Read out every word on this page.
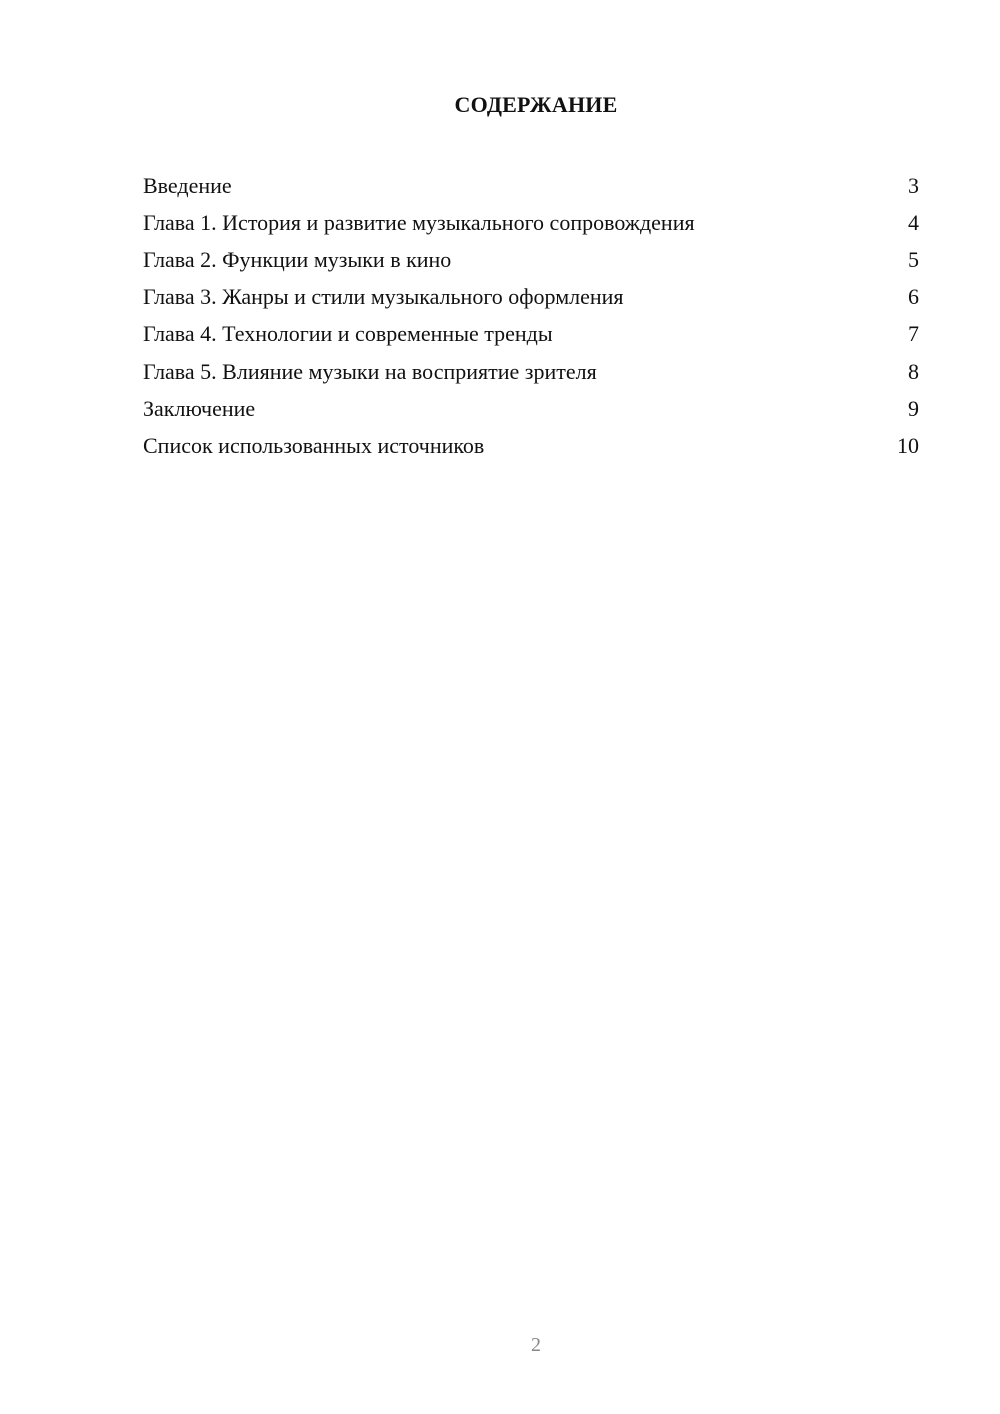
СОДЕРЖАНИЕ
Введение	3
Глава 1. История и развитие музыкального сопровождения	4
Глава 2. Функции музыки в кино	5
Глава 3. Жанры и стили музыкального оформления	6
Глава 4. Технологии и современные тренды	7
Глава 5. Влияние музыки на восприятие зрителя	8
Заключение	9
Список использованных источников	10
2
